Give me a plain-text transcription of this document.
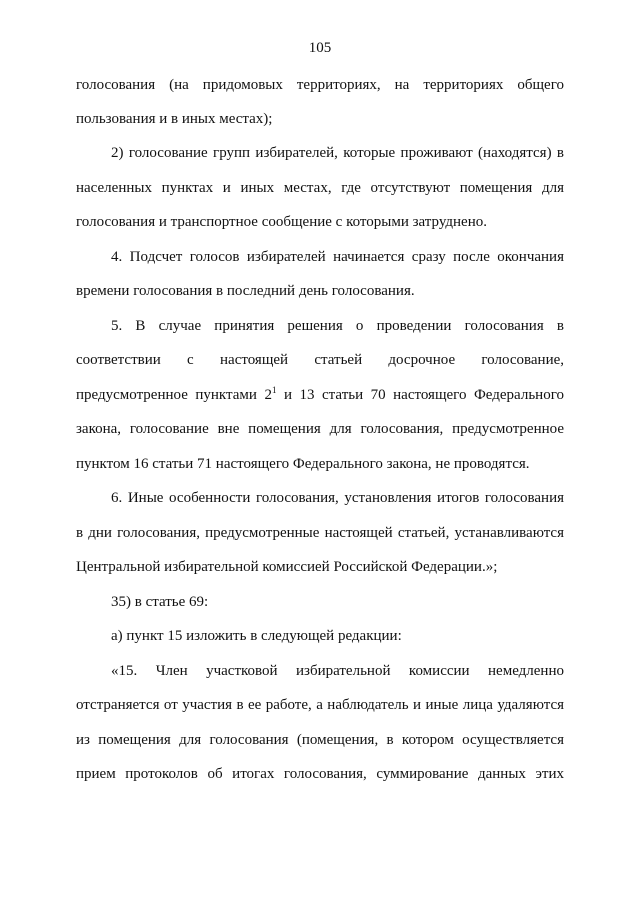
105
голосования (на придомовых территориях, на территориях общего
пользования и в иных местах);
2) голосование групп избирателей, которые проживают (находятся) в
населенных пунктах и иных местах, где отсутствуют помещения для
голосования и транспортное сообщение с которыми затруднено.
4. Подсчет голосов избирателей начинается сразу после окончания
времени голосования в последний день голосования.
5. В случае принятия решения о проведении голосования в
соответствии с настоящей статьей досрочное голосование,
предусмотренное пунктами $2^1$ и 13 статьи 70 настоящего Федерального
закона, голосование вне помещения для голосования, предусмотренное
пунктом 16 статьи 71 настоящего Федерального закона, не проводятся.
6. Иные особенности голосования, установления итогов голосования
в дни голосования, предусмотренные настоящей статьей, устанавливаются
Центральной избирательной комиссией Российской Федерации.»;
35) в статье 69:
а) пункт 15 изложить в следующей редакции:
«15. Член участковой избирательной комиссии немедленно
отстраняется от участия в ее работе, а наблюдатель и иные лица удаляются
из помещения для голосования (помещения, в котором осуществляется
прием протоколов об итогах голосования, суммирование данных этих
